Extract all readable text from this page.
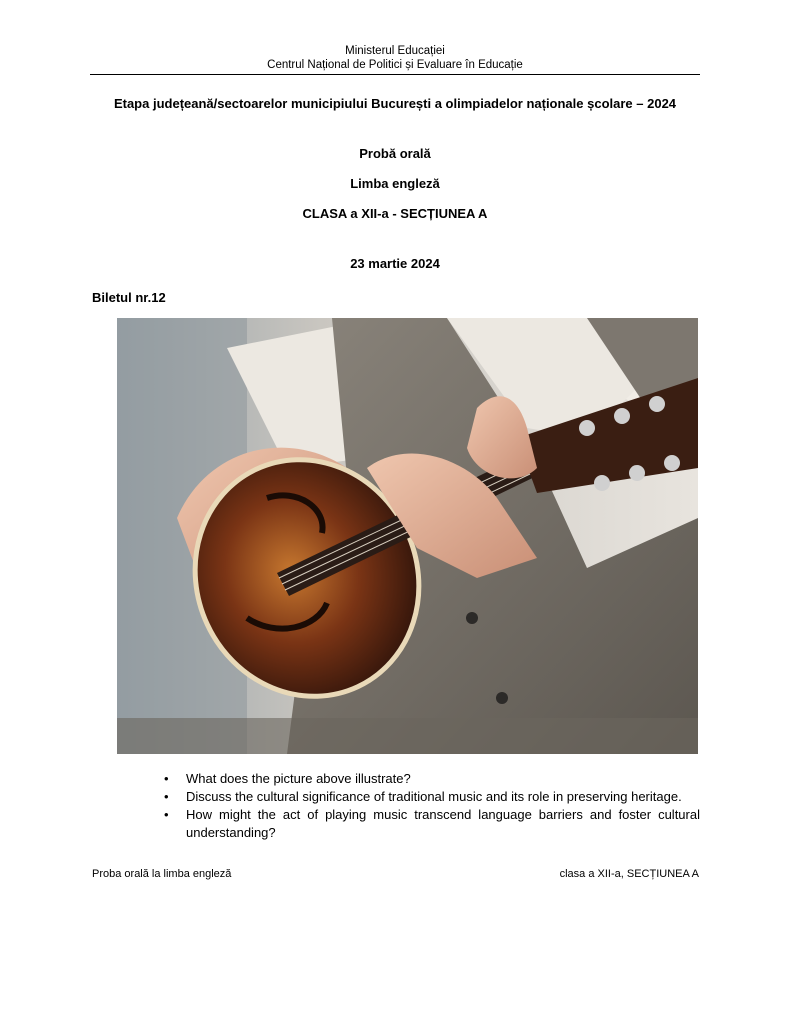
Ministerul Educației
Centrul Național de Politici și Evaluare în Educație
Etapa județeană/sectoarelor municipiului București a olimpiadelor naționale școlare – 2024
Probă orală
Limba engleză
CLASA a XII-a - SECȚIUNEA A
23 martie 2024
Biletul nr.12
• What does the picture above illustrate?
• Discuss the cultural significance of traditional music and its role in preserving heritage.
• How might the act of playing music transcend language barriers and foster cultural understanding?
Proba orală la limba engleză	clasa a XII-a, SECȚIUNEA A
